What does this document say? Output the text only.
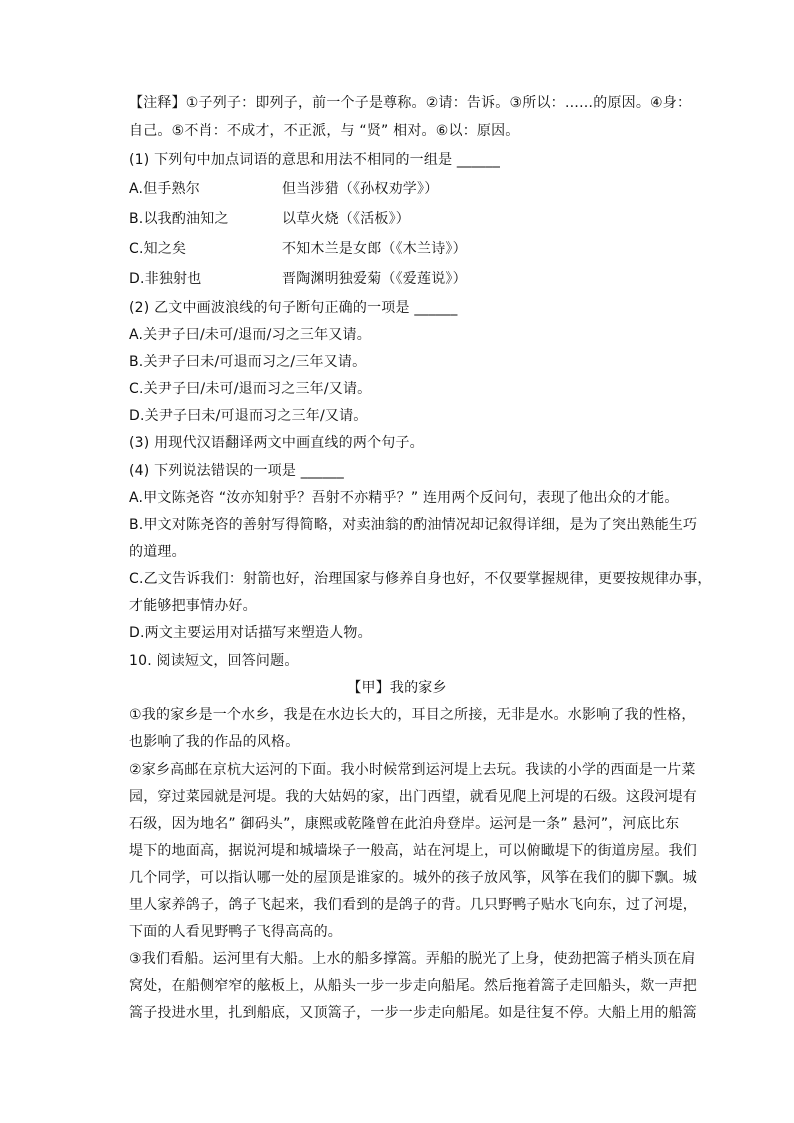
【注释】①子列子：即列子，前一个子是尊称。②请：告诉。③所以：……的原因。④身：
自己。⑤不肖：不成才，不正派，与 “贤” 相对。⑥以：原因。
(1) 下列句中加点词语的意思和用法不相同的一组是 ______
A.但手熟尔	但当涉猎（《孙权劝学》）
B.以我酌油知之	以草火烧（《活板》）
C.知之矣	不知木兰是女郎（《木兰诗》）
D.非独射也	晋陶渊明独爱菊（《爱莲说》）
(2) 乙文中画波浪线的句子断句正确的一项是 ______
A.关尹子曰/未可/退而/习之三年又请。
B.关尹子曰未/可退而习之/三年又请。
C.关尹子曰/未可/退而习之三年/又请。
D.关尹子曰未/可退而习之三年/又请。
(3) 用现代汉语翻译两文中画直线的两个句子。
(4) 下列说法错误的一项是 ______
A.甲文陈尧咨 “汝亦知射乎？吾射不亦精乎？” 连用两个反问句，表现了他出众的才能。
B.甲文对陈尧咨的善射写得简略，对卖油翁的酌油情况却记叙得详细，是为了突出熟能生巧
的道理。
C.乙文告诉我们：射箭也好，治理国家与修养自身也好，不仅要掌握规律，更要按规律办事，
才能够把事情办好。
D.两文主要运用对话描写来塑造人物。
10. 阅读短文，回答问题。
【甲】我的家乡
①我的家乡是一个水乡，我是在水边长大的，耳目之所接，无非是水。水影响了我的性格，
也影响了我的作品的风格。
②家乡高邮在京杭大运河的下面。我小时候常到运河堤上去玩。我读的小学的西面是一片菜
园，穿过菜园就是河堤。我的大姑妈的家，出门西望，就看见爬上河堤的石级。这段河堤有
石级，因为地名” 御码头”，康熙或乾隆曾在此泊舟登岸。运河是一条” 悬河”，河底比东
堤下的地面高，据说河堤和城墙垛子一般高，站在河堤上，可以俯瞰堤下的街道房屋。我们
几个同学，可以指认哪一处的屋顶是谁家的。城外的孩子放风筝，风筝在我们的脚下飘。城
里人家养鸽子，鸽子飞起来，我们看到的是鸽子的背。几只野鸭子贴水飞向东，过了河堤，
下面的人看见野鸭子飞得高高的。
③我们看船。运河里有大船。上水的船多撑篙。弄船的脱光了上身，使劲把篙子梢头顶在肩
窝处，在船侧窄窄的舷板上，从船头一步一步走向船尾。然后拖着篙子走回船头，欻一声把
篙子投进水里，扎到船底，又顶篙子，一步一步走向船尾。如是往复不停。大船上用的船篙
